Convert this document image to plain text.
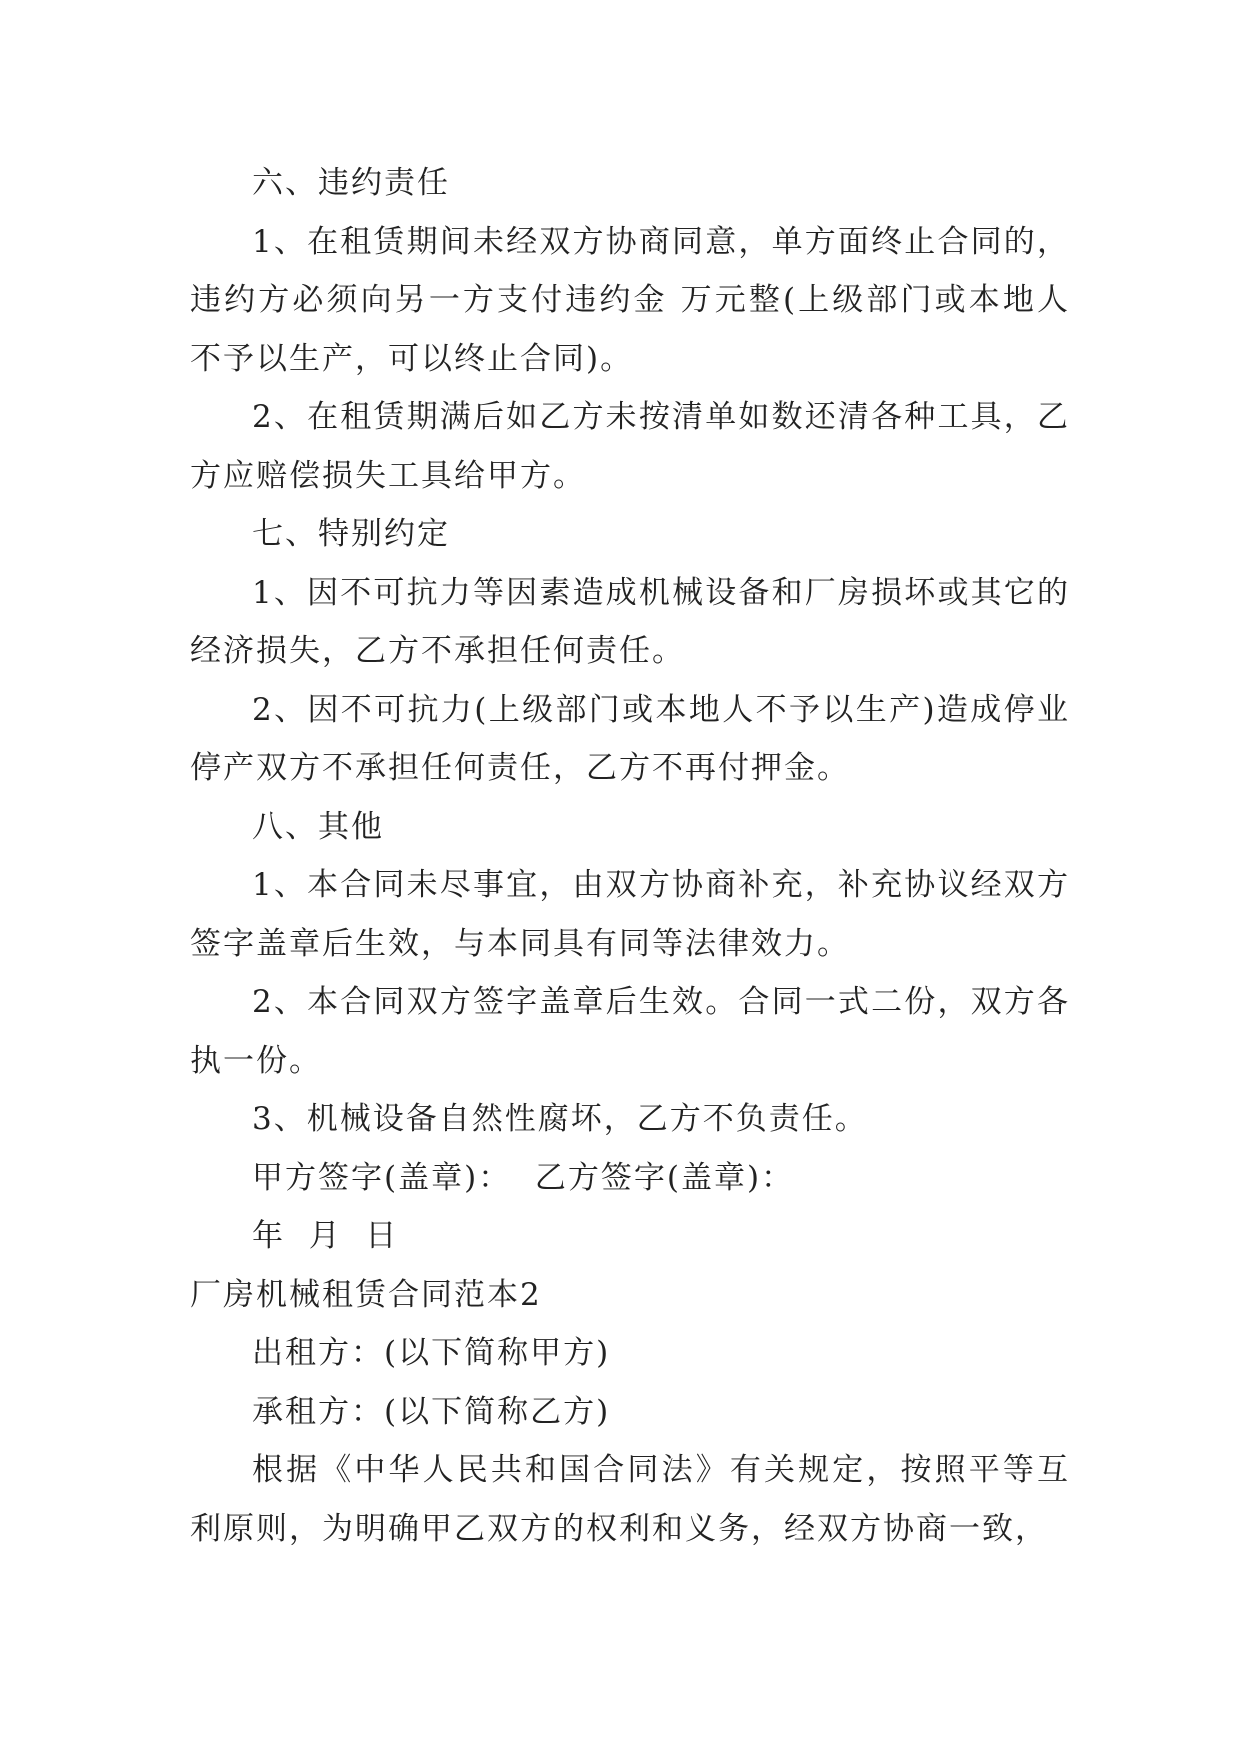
六、违约责任

1、在租赁期间未经双方协商同意，单方面终止合同的，违约方必须向另一方支付违约金 万元整(上级部门或本地人不予以生产，可以终止合同)。

2、在租赁期满后如乙方未按清单如数还清各种工具，乙方应赔偿损失工具给甲方。

七、特别约定

1、因不可抗力等因素造成机械设备和厂房损坏或其它的经济损失，乙方不承担任何责任。

2、因不可抗力(上级部门或本地人不予以生产)造成停业停产双方不承担任何责任，乙方不再付押金。

八、其他

1、本合同未尽事宜，由双方协商补充，补充协议经双方签字盖章后生效，与本同具有同等法律效力。

2、本合同双方签字盖章后生效。合同一式二份，双方各执一份。

3、机械设备自然性腐坏，乙方不负责任。

甲方签字(盖章)：  乙方签字(盖章)：

年  月  日

厂房机械租赁合同范本2

出租方：(以下简称甲方)

承租方：(以下简称乙方)

根据《中华人民共和国合同法》有关规定，按照平等互利原则，为明确甲乙双方的权利和义务，经双方协商一致，
